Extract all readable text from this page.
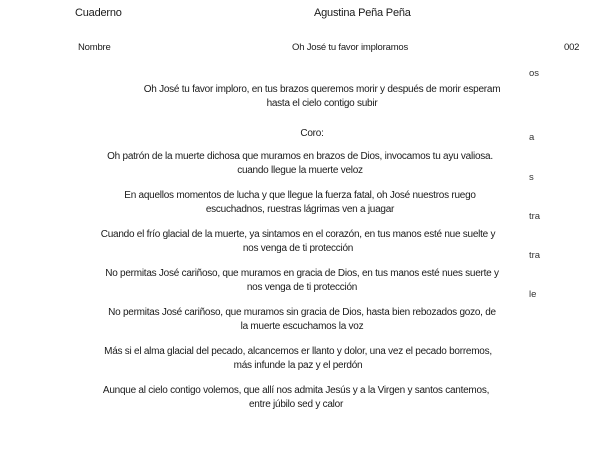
Cuaderno	Agustina Peña Peña
Nombre	Oh José tu favor imploramos	002
os
a
s
tra
tra
le
Oh José tu favor imploro, en tus brazos queremos morir y después de morir esperam
hasta el cielo contigo subir
Coro:
Oh patrón de la muerte dichosa que muramos en brazos de Dios, invocamos tu ayu valiosa.
cuando llegue la muerte veloz
En aquellos momentos de lucha y que llegue la fuerza fatal, oh José nuestros ruego
escuchadnos, ruestras lágrimas ven a juagar
Cuando el frío glacial de la muerte, ya sintamos en el corazón, en tus manos esté nue suelte y
nos venga de ti protección
No permitas José cariñoso, que muramos en gracia de Dios, en tus manos esté nues suerte y
nos venga de ti protección
No permitas José cariñoso, que muramos sin gracia de Dios, hasta bien rebozados gozo, de
la muerte escuchamos la voz
Más si el alma glacial del pecado, alcancemos er llanto y dolor, una vez el pecado borremos,
más infunde la paz y el perdón
Aunque al cielo contigo volemos, que allí nos admita Jesús y a la Virgen y santos cantemos,
entre júbilo sed y calor
